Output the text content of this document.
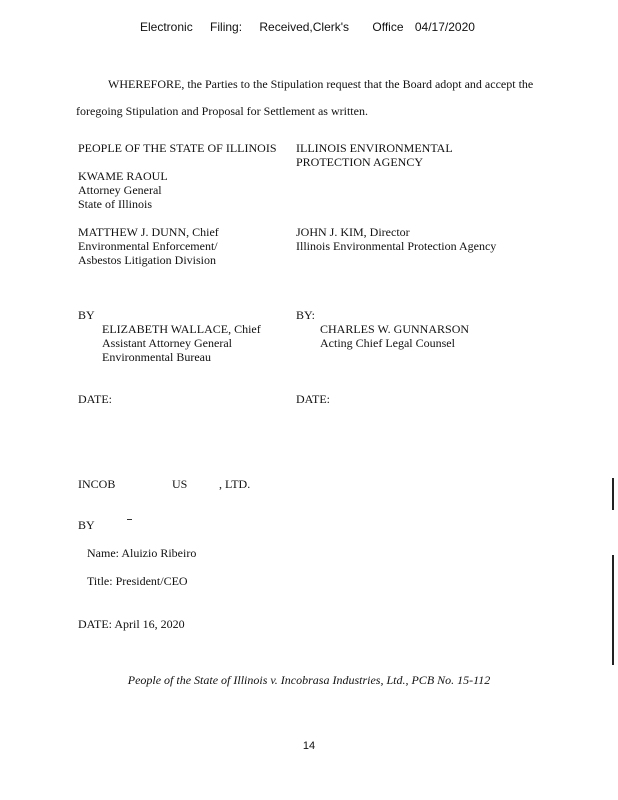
Electronic Filing: Received,Clerk's Office 04/17/2020
WHEREFORE, the Parties to the Stipulation request that the Board adopt and accept the
foregoing Stipulation and Proposal for Settlement as written.
PEOPLE OF THE STATE OF ILLINOIS
KWAME RAOUL
Attorney General
State of Illinois
MATTHEW J. DUNN, Chief
Environmental Enforcement/
Asbestos Litigation Division
BY
ELIZABETH WALLACE, Chief
Assistant Attorney General
Environmental Bureau
DATE:
ILLINOIS ENVIRONMENTAL
PROTECTION AGENCY
JOHN J. KIM, Director
Illinois Environmental Protection Agency
BY:
CHARLES W. GUNNARSON
Acting Chief Legal Counsel
DATE:
INCOB	US	, LTD.
BY
Name: Aluizio Ribeiro
Title: President/CEO
DATE: April 16, 2020
People of the State of Illinois v. Incobrasa Industries, Ltd., PCB No. 15-112
14
